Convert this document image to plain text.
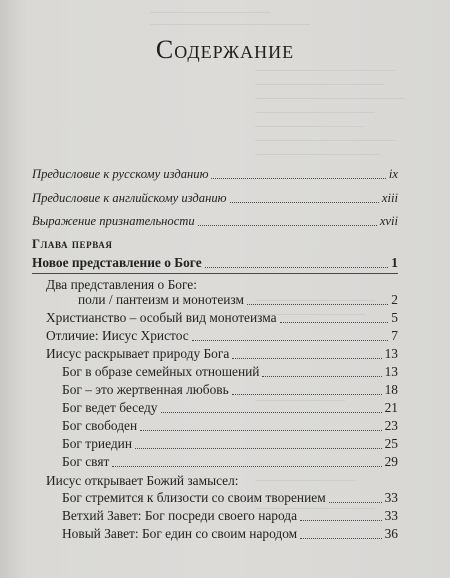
Содержание
Предисловие к русскому изданию	ix
Предисловие к английскому изданию	xiii
Выражение признательности	xvii
Глава первая
Новое представление о Боге	1
Два представления о Боге:
поли / пантеизм и монотеизм	2
Христианство – особый вид монотеизма	5
Отличие: Иисус Христос	7
Иисус раскрывает природу Бога	13
Бог в образе семейных отношений	13
Бог – это жертвенная любовь	18
Бог ведет беседу	21
Бог свободен	23
Бог триедин	25
Бог свят	29
Иисус открывает Божий замысел:
Бог стремится к близости со своим творением	33
Ветхий Завет: Бог посреди своего народа	33
Новый Завет: Бог един со своим народом	36
